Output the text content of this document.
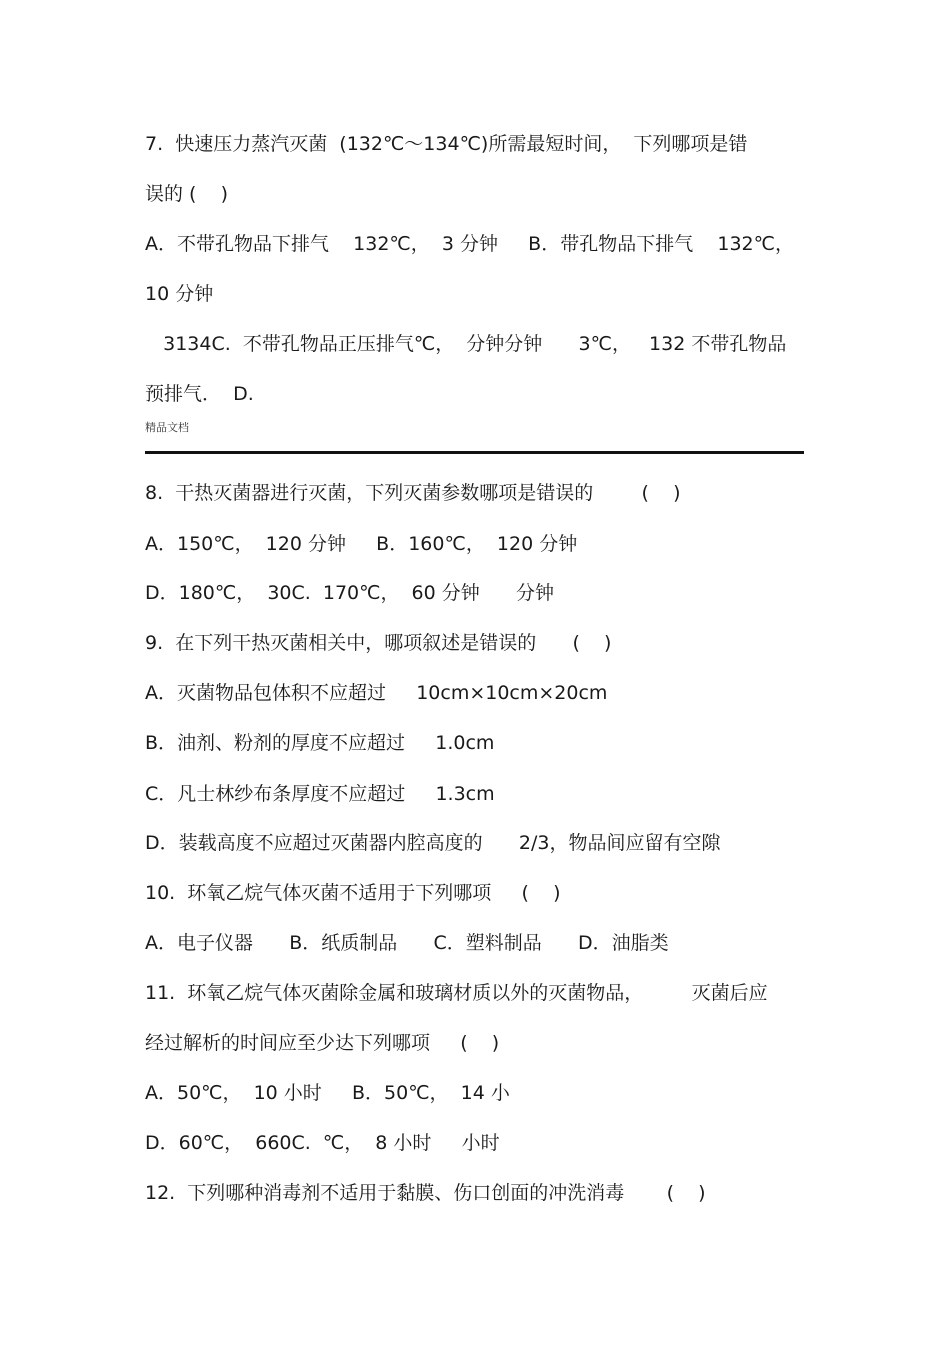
7.  快速压力蒸汽灭菌  (132℃～134℃)所需最短时间，  下列哪项是错
误的 (    )
A．不带孔物品下排气    132℃，  3 分钟     B．带孔物品下排气    132℃，
10 分钟
3134C.  不带孔物品正压排气℃，  分钟分钟      3℃，   132 不带孔物品
预排气．  D.
精品文档
8.  干热灭菌器进行灭菌，下列灭菌参数哪项是错误的        (    )
A．150℃，  120 分钟     B．160℃，  120 分钟
D．180℃，  30C.  170℃，  60 分钟      分钟
9.  在下列干热灭菌相关中，哪项叙述是错误的      (    )
A．灭菌物品包体积不应超过     10cm×10cm×20cm
B．油剂、粉剂的厚度不应超过     1.0cm
C．凡士林纱布条厚度不应超过     1.3cm
D．装载高度不应超过灭菌器内腔高度的      2/3，物品间应留有空隙
10.  环氧乙烷气体灭菌不适用于下列哪项     (    )
A．电子仪器      B．纸质制品      C．塑料制品      D．油脂类
11.  环氧乙烷气体灭菌除金属和玻璃材质以外的灭菌物品，        灭菌后应
经过解析的时间应至少达下列哪项     (    )
A．50℃，  10 小时     B．50℃，  14 小
D．60℃，  660C.  ℃，  8 小时     小时
12.  下列哪种消毒剂不适用于黏膜、伤口创面的冲洗消毒       (    )
